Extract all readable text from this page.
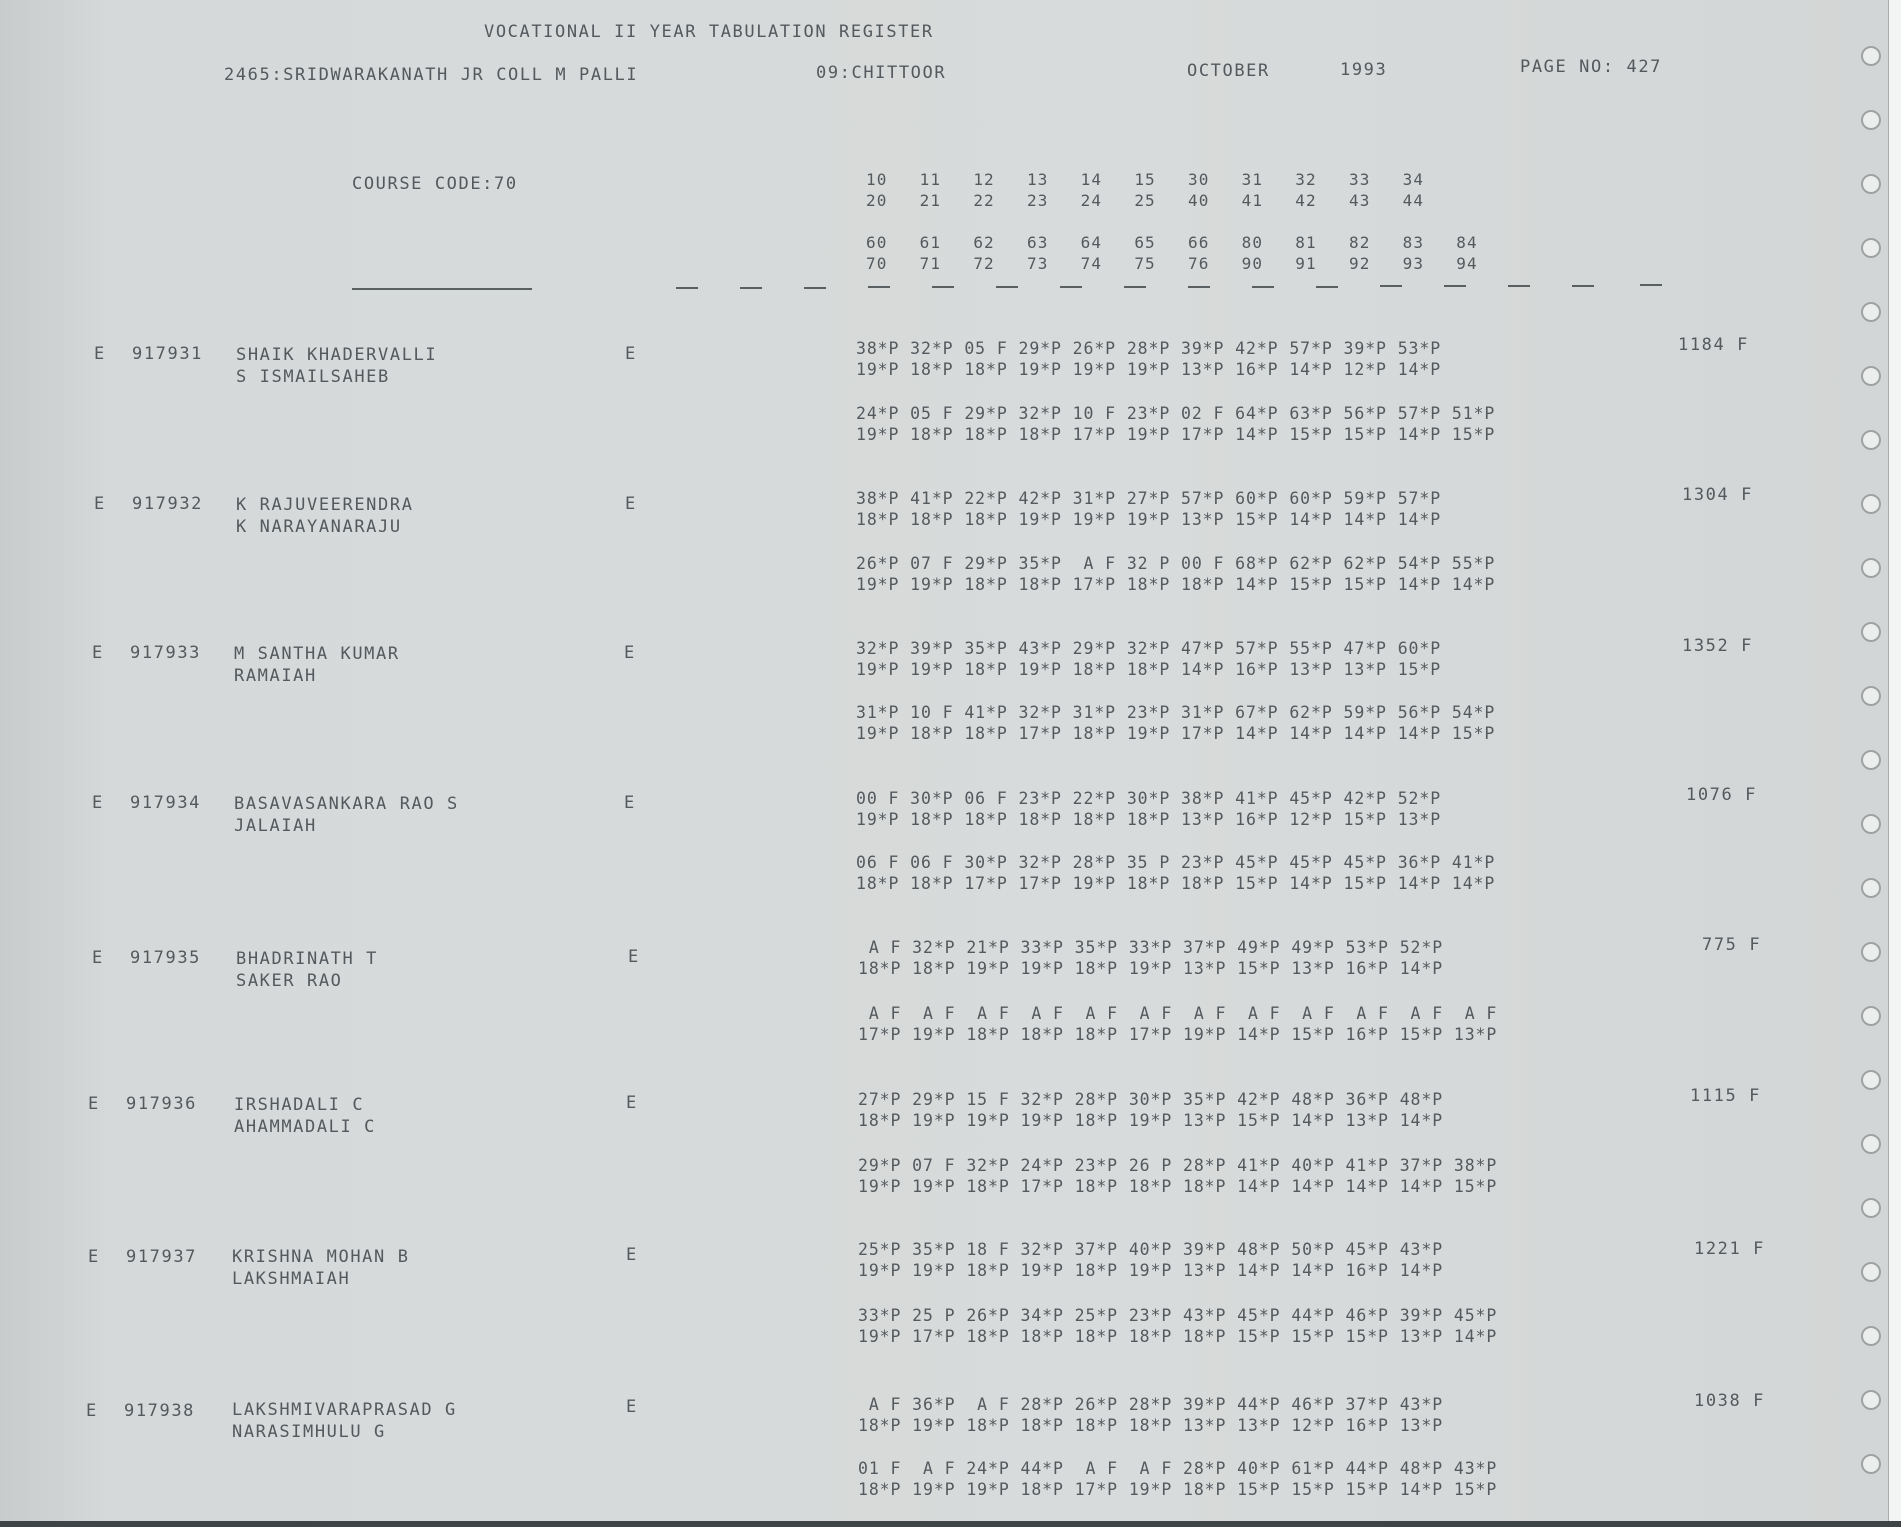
VOCATIONAL II YEAR TABULATION REGISTER
2465:SRIDWARAKANATH JR COLL M PALLI	09:CHITTOOR	OCTOBER	1993	PAGE NO: 427
COURSE CODE:70	10   11   12   13   14   15   30   31   32   33   34
20   21   22   23   24   25   40   41   42   43   44
60   61   62   63   64   65   66   80   81   82   83   84
70   71   72   73   74   75   76   90   91   92   93   94
E 917931 SHAIK KHADERVALLI
S ISMAILSAHEB
E	38*P 32*P 05 F 29*P 26*P 28*P 39*P 42*P 57*P 39*P 53*P
19*P 18*P 18*P 19*P 19*P 19*P 13*P 16*P 14*P 12*P 14*P
24*P 05 F 29*P 32*P 10 F 23*P 02 F 64*P 63*P 56*P 57*P 51*P
19*P 18*P 18*P 18*P 17*P 19*P 17*P 14*P 15*P 15*P 14*P 15*P
1184 F
E 917932 K RAJUVEERENDRA
K NARAYANARAJU
E	38*P 41*P 22*P 42*P 31*P 27*P 57*P 60*P 60*P 59*P 57*P
18*P 18*P 18*P 19*P 19*P 19*P 13*P 15*P 14*P 14*P 14*P
26*P 07 F 29*P 35*P  A F 32 P 00 F 68*P 62*P 62*P 54*P 55*P
19*P 19*P 18*P 18*P 17*P 18*P 18*P 14*P 15*P 15*P 14*P 14*P
1304 F
E 917933 M SANTHA KUMAR
RAMAIAH
E	32*P 39*P 35*P 43*P 29*P 32*P 47*P 57*P 55*P 47*P 60*P
19*P 19*P 18*P 19*P 18*P 18*P 14*P 16*P 13*P 13*P 15*P
31*P 10 F 41*P 32*P 31*P 23*P 31*P 67*P 62*P 59*P 56*P 54*P
19*P 18*P 18*P 17*P 18*P 19*P 17*P 14*P 14*P 14*P 14*P 15*P
1352 F
E 917934 BASAVASANKARA RAO S
JALAIAH
E	00 F 30*P 06 F 23*P 22*P 30*P 38*P 41*P 45*P 42*P 52*P
19*P 18*P 18*P 18*P 18*P 18*P 13*P 16*P 12*P 15*P 13*P
06 F 06 F 30*P 32*P 28*P 35 P 23*P 45*P 45*P 45*P 36*P 41*P
18*P 18*P 17*P 17*P 19*P 18*P 18*P 15*P 14*P 15*P 14*P 14*P
1076 F
E 917935 BHADRINATH T
SAKER RAO
E	A F 32*P 21*P 33*P 35*P 33*P 37*P 49*P 49*P 53*P 52*P
18*P 18*P 19*P 19*P 18*P 19*P 13*P 15*P 13*P 16*P 14*P
A F  A F  A F  A F  A F  A F  A F  A F  A F  A F  A F  A F
17*P 19*P 18*P 18*P 18*P 17*P 19*P 14*P 15*P 16*P 15*P 13*P
775 F
E 917936 IRSHADALI C
AHAMMADALI C
E	27*P 29*P 15 F 32*P 28*P 30*P 35*P 42*P 48*P 36*P 48*P
18*P 19*P 19*P 19*P 18*P 19*P 13*P 15*P 14*P 13*P 14*P
29*P 07 F 32*P 24*P 23*P 26 P 28*P 41*P 40*P 41*P 37*P 38*P
19*P 19*P 18*P 17*P 18*P 18*P 18*P 14*P 14*P 14*P 14*P 15*P
1115 F
E 917937 KRISHNA MOHAN B
LAKSHMAIAH
E	25*P 35*P 18 F 32*P 37*P 40*P 39*P 48*P 50*P 45*P 43*P
19*P 19*P 18*P 19*P 18*P 19*P 13*P 14*P 14*P 16*P 14*P
33*P 25 P 26*P 34*P 25*P 23*P 43*P 45*P 44*P 46*P 39*P 45*P
19*P 17*P 18*P 18*P 18*P 18*P 18*P 15*P 15*P 15*P 13*P 14*P
1221 F
E 917938 LAKSHMIVARAPRASAD G
NARASIMHULU G
E	A F 36*P  A F 28*P 26*P 28*P 39*P 44*P 46*P 37*P 43*P
18*P 19*P 18*P 18*P 18*P 18*P 13*P 13*P 12*P 16*P 13*P
01 F  A F 24*P 44*P  A F  A F 28*P 40*P 61*P 44*P 48*P 43*P
18*P 19*P 19*P 18*P 17*P 19*P 18*P 15*P 15*P 15*P 14*P 15*P
1038 F
